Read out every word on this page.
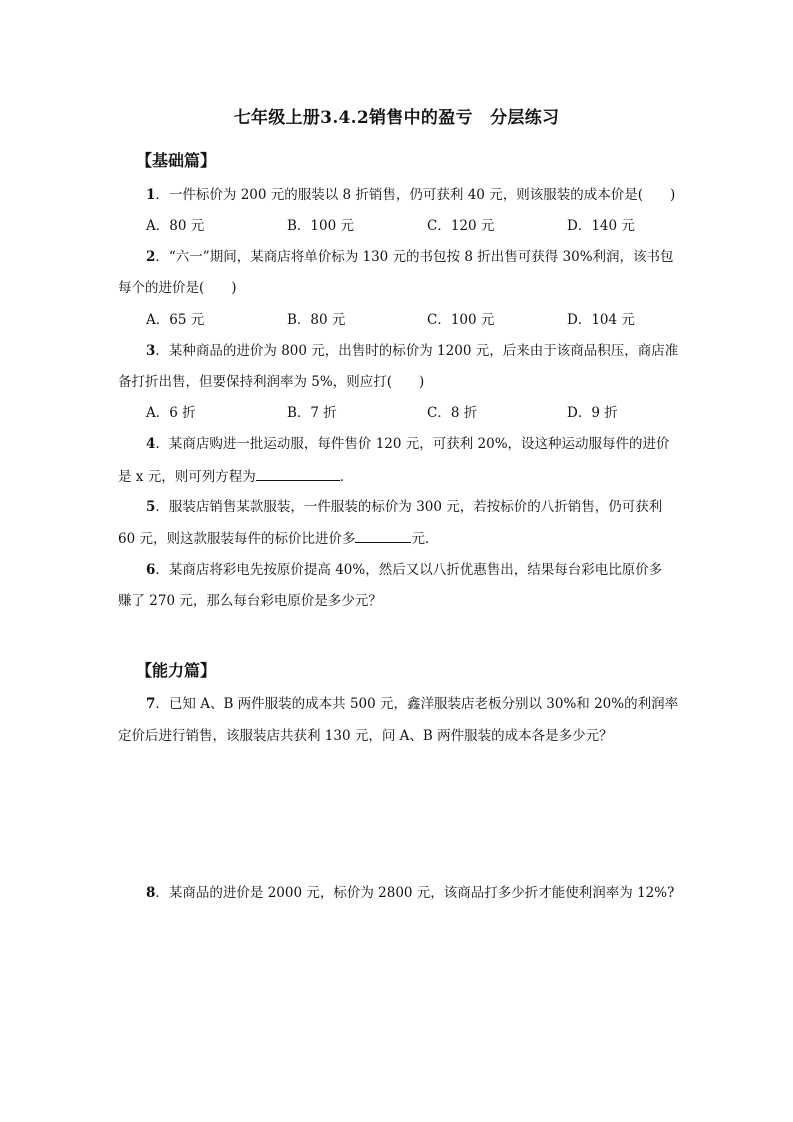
七年级上册3.4.2销售中的盈亏　分层练习
【基础篇】
1．一件标价为 200 元的服装以 8 折销售，仍可获利 40 元，则该服装的成本价是(　　)
A．80 元	B．100 元	C．120 元	D．140 元
2．“六一”期间，某商店将单价标为 130 元的书包按 8 折出售可获得 30%利润，该书包
每个的进价是(　　)
A．65 元	B．80 元	C．100 元	D．104 元
3．某种商品的进价为 800 元，出售时的标价为 1200 元，后来由于该商品积压，商店准
备打折出售，但要保持利润率为 5%，则应打(　　)
A．6 折	B．7 折	C．8 折	D．9 折
4．某商店购进一批运动服，每件售价 120 元，可获利 20%，设这种运动服每件的进价
是 x 元，则可列方程为	．
5．服装店销售某款服装，一件服装的标价为 300 元，若按标价的八折销售，仍可获利
60 元，则这款服装每件的标价比进价多	元．
6．某商店将彩电先按原价提高 40%，然后又以八折优惠售出，结果每台彩电比原价多
赚了 270 元，那么每台彩电原价是多少元？
【能力篇】
7．已知 A、B 两件服装的成本共 500 元，鑫洋服装店老板分别以 30%和 20%的利润率
定价后进行销售，该服装店共获利 130 元，问 A、B 两件服装的成本各是多少元？
8．某商品的进价是 2000 元，标价为 2800 元，该商品打多少折才能使利润率为 12%?
